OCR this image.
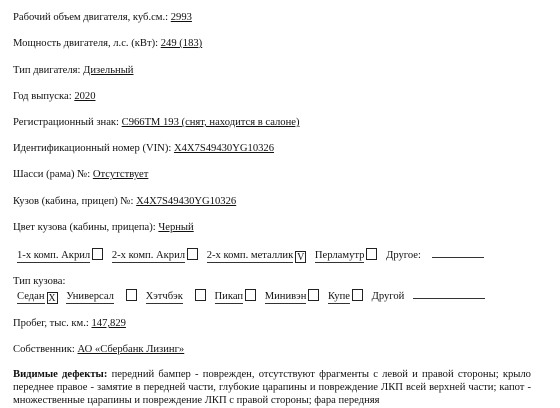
Рабочий объем двигателя, куб.см.: 2993
Мощность двигателя, л.с. (кВт): 249 (183)
Тип двигателя: Дизельный
Год выпуска: 2020
Регистрационный знак: С966ТМ 193 (снят, находится в салоне)
Идентификационный номер (VIN): X4X7S49430YG10326
Шасси (рама) №: Отсутствует
Кузов (кабина, прицеп) №: X4X7S49430YG10326
Цвет кузова (кабины, прицепа): Черный
1-х комп. Акрил 2-х комп. Акрил 2-х комп. металлик V Перламутр Другое:
Тип кузова:
Седан X Универсал	Хэтчбэк	Пикап Минивэн Купе Другой
Пробег, тыс. км.: 147,829
Собственник: АО «Сбербанк Лизинг»
Видимые дефекты: передний бампер - поврежден, отсутствуют фрагменты с левой и правой стороны; крыло переднее правое - замятие в передней части, глубокие царапины и повреждение ЛКП всей верхней части; капот - множественные царапины и повреждение ЛКП с правой стороны; фара передняя
